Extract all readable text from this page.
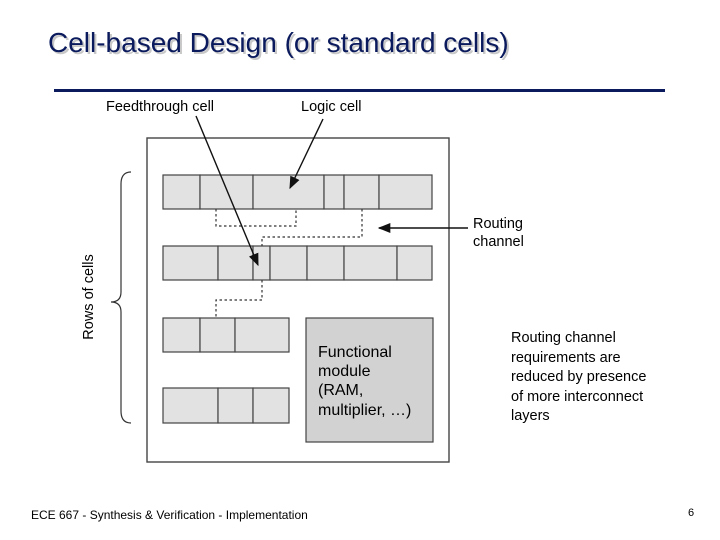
Cell-based Design (or standard cells)
Functional module (RAM, multiplier, …)
Feedthrough cell	Logic cell
Routing channel
Rows of cells	Routing channel
requirements are
reduced by presence
of more interconnect
layers
ECE 667 - Synthesis & Verification - Implementation	6
